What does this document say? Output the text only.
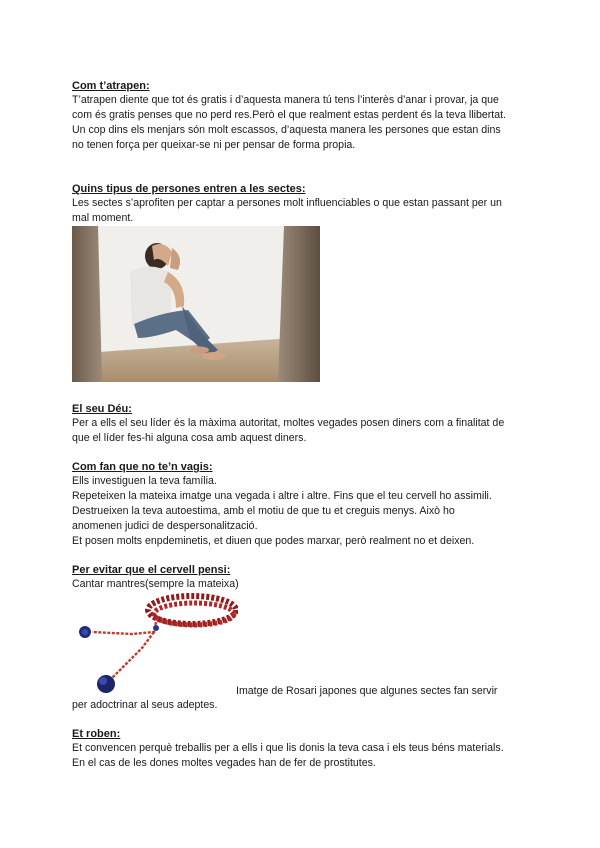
Com t’atrapen:
T’atrapen diente que tot és gratis i d’aquesta manera tú tens l’interès d’anar i provar, ja que
com és gratis penses que no perd res.Però el que realment estas perdent és la teva llibertat.
Un cop dins els menjars són molt escassos, d’aquesta manera les persones que estan dins
no tenen força per queixar-se ni per pensar de forma propia.
Quins tipus de persones entren a les sectes:
Les sectes s’aprofiten per captar a persones molt influenciables o que estan passant per un
mal moment.
El seu Déu:
Per a ells el seu líder és la màxima autoritat, moltes vegades posen diners com a finalitat de
que el líder fes-hi alguna cosa amb aquest diners.
Com fan que no te’n vagis:
Ells investiguen la teva família.
Repeteixen la mateixa imatge una vegada i altre i altre. Fins que el teu cervell ho assimili.
Destrueixen la teva autoestima, amb el motiu de que tu et creguis menys. Això ho
anomenen judici de despersonalització.
Et posen molts enpdeminetis, et diuen que podes marxar, però realment no et deixen.
Per evitar que el cervell pensi:
Cantar mantres(sempre la mateixa)
Imatge de Rosari japones que algunes sectes fan servir
per adoctrinar al seus adeptes.
Et roben:
Et convencen perquè treballis per a ells i que lis donis la teva casa i els teus béns materials.
En el cas de les dones moltes vegades han de fer de prostitutes.
